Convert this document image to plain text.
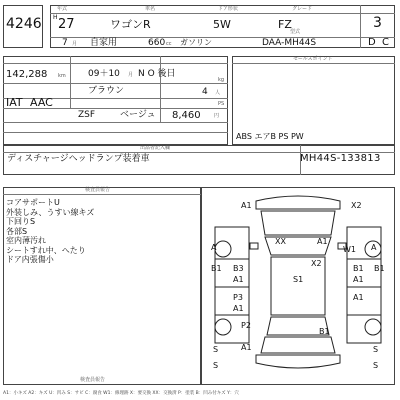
4246
年式	車名	ドア形状	グレード
H 27	ワゴンR	5W	FZ	3
7 月 自家用	660 cc ガソリン
型式
DAA-MH44S	D C
142,288 km 09＋10 月 N O 後日
kg
ブラウン	4 人
IAT AAC	PS
ZSF	ベージュ 8,460	円
セールスポイント
ABS エアB PS PW
出品者記入欄
ディスチャージヘッドランプ装着車	MH44S-133813
検査員報告
コアサポートU
外装しみ、うすい線キズ
下回りS
各部S
室内薄汚れ
シートすれ中、へたり
ドア内張傷小
A1	X2
XX	A1
W1
A	A
X2
B1 B3
A1	S1
B1 B1
A1
P3
A1
P2
B1
A1
A1
S
S
S
S
検査員報告
A1：小キズ A2：キズ U：凹み S：サビ C：腐食 W1：修理跡 X：要交換 XX：交換済 P：塗装 B：凹み付キズ Y：穴
